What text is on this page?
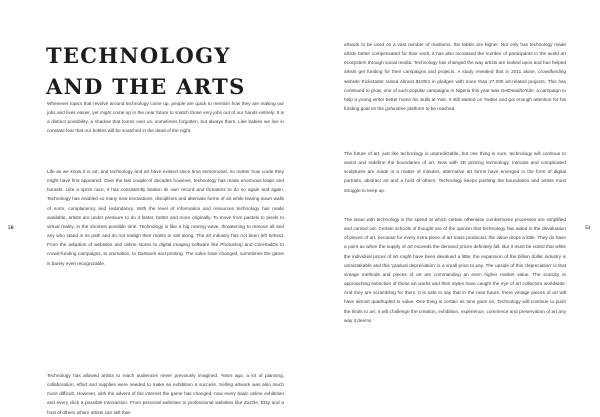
50
TECHNOLOGY
AND THE ARTS

Whenever topics that revolve around technology come up, people are quick to mention how they are making our jobs and lives easier, yet might come up in the near future to snatch those very jobs out of our hands entirely. It is a distinct possibility, a shadow that looms over us, sometimes forgotten, but always there. Like babies we live in constant fear that our bottles will be snatched in the dead of the night.

Life as we know it is art, and technology and art have existed since time immemorial, no matter how crude they might have first appeared. Over the last couple of decades however, technology has made enormous leaps and bounds. Like a sprint race, it has consistently beaten its own record and threatens to do so again and again. Technology has enabled so many new innovations, disciplines and alternate forms of art while tearing down walls of norm, complacency and redundancy. With the level of information and resources technology has made available, artists are under pressure to do it faster, better and more originally. To move from pastels to pixels to virtual reality, in the shortest possible time. Technology is like a big roaring wave, threatening to remove all and any who stand in its path and do not realign their masts to sail along. The art industry has not been left behind. From the adoption of websites and online stores to digital imaging software like Photoshop and CorelradDs to crowd-funding campaigns, to animation, to Dartwork and printing. The sales have changed, sometimes the game is barely even recognizable.

Technology has allowed artists to reach audiences never previously imagined. Years ago, a lot of planning, collaboration, effort and supplies were needed to make an exhibition a success. Selling artwork was also much more difficult. However, with the advent of the internet the game has changed, now every basic online exhibition and every click a possible transaction. From personal websites to professional websites like Zazzle, Etsy and a host of others where artists can sell their

51

artwork to be used on a vast number of mediums, the tables are higher. Not only has technology made artists better compensated for their work, it has also increased the number of participants in the world art ecosystem through social media. Technology has changed the way artists are looked upon and has helped artists get funding for their campaigns and projects. A study revealed that in 2011 alone, crowdfunding website Kickstarter raised almost $100m in pledges with more than 27,000 art-related projects. This has continued to grow, one of such popular campaigns in Nigeria this year was GetDead/toYole, a campaign to help a young writer better home his skills at Yole. It still started on Twitter and got enough attention for his funding goal on the gofundme platform to be reached.

The future of art, just like technology is unpredictable, but one thing is sure, technology will continue to assist and redefine the boundaries of art. Now with 3D printing technology, intricate and complicated sculptures are made in a matter of minutes, alternative art forms have emerged in the form of digital portraits, abstract art and a host of others. Technology keeps pushing the boundaries and artists must struggle to keep up.

The issue with technology is the speed at which certain otherwise cumbersome processes are simplified and carried out. Certain schools of thought are of the opinion that technology has aided in the devaluation of pieces of art, because for every extra piece of art mass produced, the value drops a little. They do have a point as when the supply of art exceeds the demand prices definitely fall. But it must be noted that while the individual prices of art might have been devalued a little, the expansion of the billion dollar industry is unmistakable and this 'gradual depreciation' is a small price to pay. The upside of this 'depreciation' is that vintage methods and pieces of art are commanding an even higher market value. The scarcity or approaching extinction of these art works and their styles have caught the eye of art collectors worldwide. And they are scrambling for them. It is safe to say that in the near future, there vintage pieces of art will have almost quadrupled in value. One thing is certain as time goes on, Technology will continue to push the limits to art. It will challenge the creation, exhibition, experience, commerce and preservation of art any way it deems
